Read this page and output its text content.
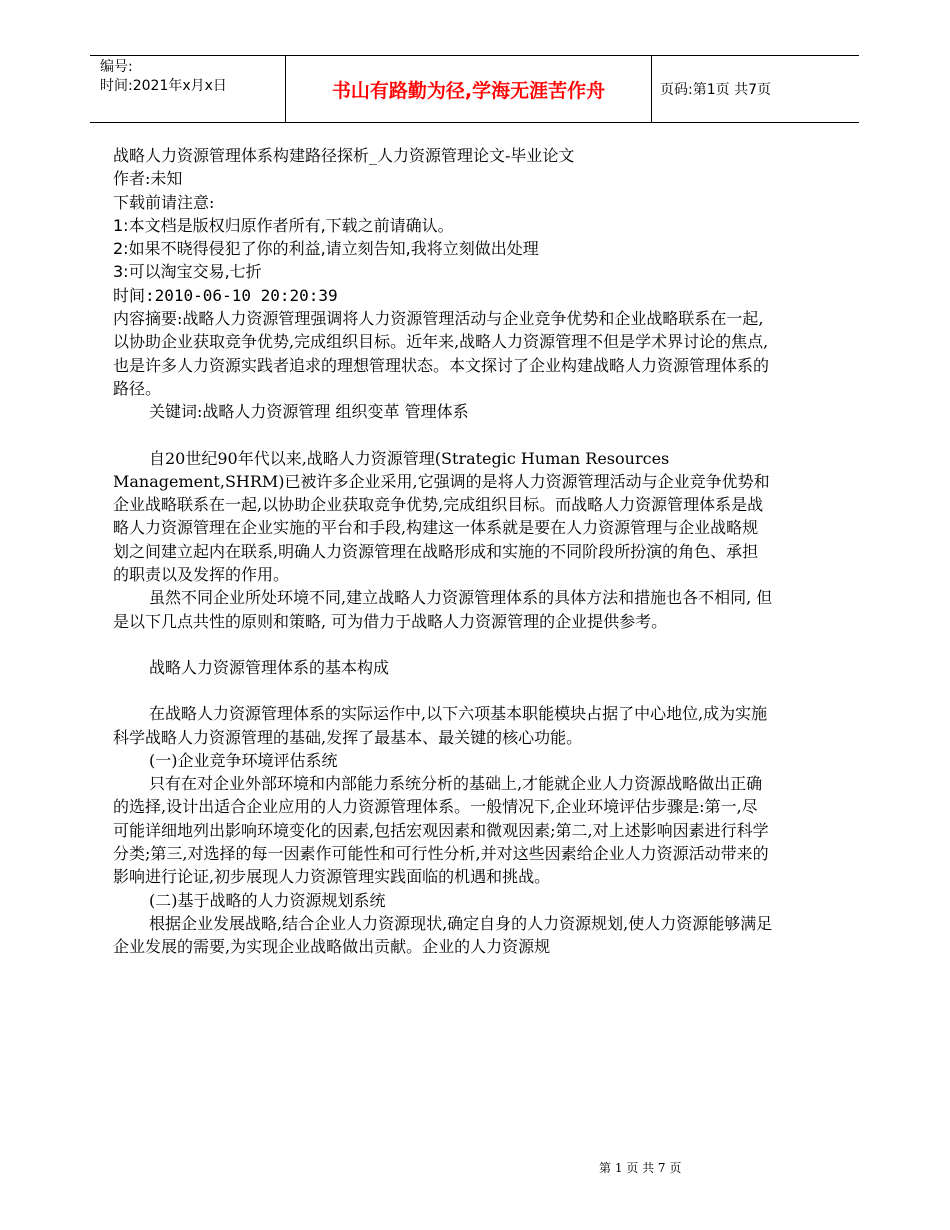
编号:
时间:2021年x月x日	书山有路勤为径,学海无涯苦作舟	页码:第1页 共7页

战略人力资源管理体系构建路径探析_人力资源管理论文-毕业论文

作者:未知

下载前请注意:

1:本文档是版权归原作者所有,下载之前请确认。

2:如果不晓得侵犯了你的利益,请立刻告知,我将立刻做出处理

3:可以淘宝交易,七折

时间:2010-06-10 20:20:39

内容摘要:战略人力资源管理强调将人力资源管理活动与企业竞争优势和企业战略联系在一起,以协助企业获取竞争优势,完成组织目标。近年来,战略人力资源管理不但是学术界讨论的焦点,也是许多人力资源实践者追求的理想管理状态。本文探讨了企业构建战略人力资源管理体系的路径。

关键词:战略人力资源管理 组织变革 管理体系

自20世纪90年代以来,战略人力资源管理(Strategic Human Resources Management,SHRM)已被许多企业采用,它强调的是将人力资源管理活动与企业竞争优势和企业战略联系在一起,以协助企业获取竞争优势,完成组织目标。而战略人力资源管理体系是战略人力资源管理在企业实施的平台和手段,构建这一体系就是要在人力资源管理与企业战略规划之间建立起内在联系,明确人力资源管理在战略形成和实施的不同阶段所扮演的角色、承担的职责以及发挥的作用。

虽然不同企业所处环境不同,建立战略人力资源管理体系的具体方法和措施也各不相同, 但是以下几点共性的原则和策略, 可为借力于战略人力资源管理的企业提供参考。

战略人力资源管理体系的基本构成

在战略人力资源管理体系的实际运作中,以下六项基本职能模块占据了中心地位,成为实施科学战略人力资源管理的基础,发挥了最基本、最关键的核心功能。

(一)企业竞争环境评估系统

只有在对企业外部环境和内部能力系统分析的基础上,才能就企业人力资源战略做出正确的选择,设计出适合企业应用的人力资源管理体系。一般情况下,企业环境评估步骤是:第一,尽可能详细地列出影响环境变化的因素,包括宏观因素和微观因素;第二,对上述影响因素进行科学分类;第三,对选择的每一因素作可能性和可行性分析,并对这些因素给企业人力资源活动带来的影响进行论证,初步展现人力资源管理实践面临的机遇和挑战。

(二)基于战略的人力资源规划系统

根据企业发展战略,结合企业人力资源现状,确定自身的人力资源规划,使人力资源能够满足企业发展的需要,为实现企业战略做出贡献。企业的人力资源规

第 1 页 共 7 页
